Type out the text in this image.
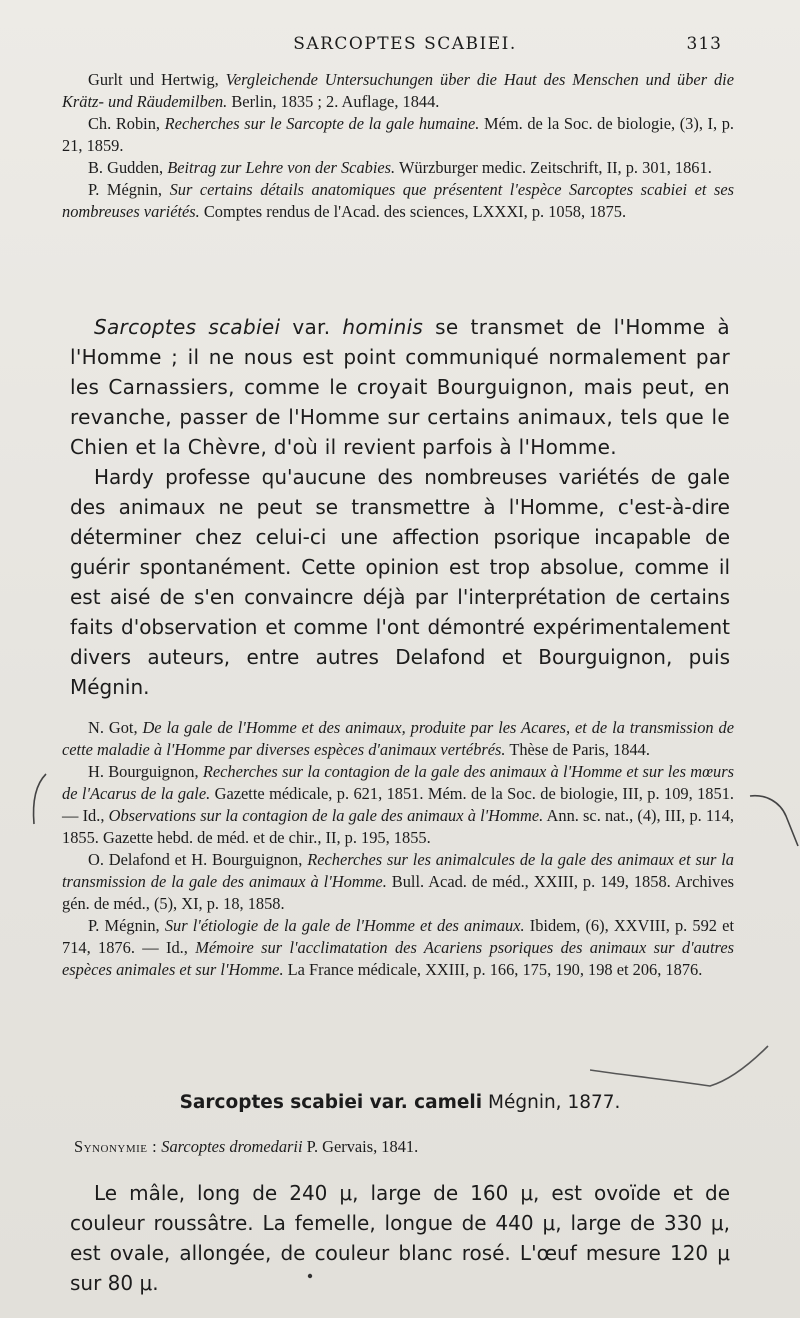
SARCOPTES SCABIEI.	313

Gurlt und Hertwig, Vergleichende Untersuchungen über die Haut des Menschen und über die Krätz- und Räudemilben. Berlin, 1835 ; 2. Auflage, 1844.

Ch. Robin, Recherches sur le Sarcopte de la gale humaine. Mém. de la Soc. de biologie, (3), I, p. 21, 1859.

B. Gudden, Beitrag zur Lehre von der Scabies. Würzburger medic. Zeitschrift, II, p. 301, 1861.

P. Mégnin, Sur certains détails anatomiques que présentent l'espèce Sarcoptes scabiei et ses nombreuses variétés. Comptes rendus de l'Acad. des sciences, LXXXI, p. 1058, 1875.

Sarcoptes scabiei var. hominis se transmet de l'Homme à l'Homme ; il ne nous est point communiqué normalement par les Carnassiers, comme le croyait Bourguignon, mais peut, en revanche, passer de l'Homme sur certains animaux, tels que le Chien et la Chèvre, d'où il revient parfois à l'Homme.

Hardy professe qu'aucune des nombreuses variétés de gale des animaux ne peut se transmettre à l'Homme, c'est-à-dire déterminer chez celui-ci une affection psorique incapable de guérir spontanément. Cette opinion est trop absolue, comme il est aisé de s'en convaincre déjà par l'interprétation de certains faits d'observation et comme l'ont démontré expérimentalement divers auteurs, entre autres Delafond et Bourguignon, puis Mégnin.

N. Got, De la gale de l'Homme et des animaux, produite par les Acares, et de la transmission de cette maladie à l'Homme par diverses espèces d'animaux vertébrés. Thèse de Paris, 1844.

H. Bourguignon, Recherches sur la contagion de la gale des animaux à l'Homme et sur les mœurs de l'Acarus de la gale. Gazette médicale, p. 621, 1851. Mém. de la Soc. de biologie, III, p. 109, 1851. — Id., Observations sur la contagion de la gale des animaux à l'Homme. Ann. sc. nat., (4), III, p. 114, 1855. Gazette hebd. de méd. et de chir., II, p. 195, 1855.

O. Delafond et H. Bourguignon, Recherches sur les animalcules de la gale des animaux et sur la transmission de la gale des animaux à l'Homme. Bull. Acad. de méd., XXIII, p. 149, 1858. Archives gén. de méd., (5), XI, p. 18, 1858.

P. Mégnin, Sur l'étiologie de la gale de l'Homme et des animaux. Ibidem, (6), XXVIII, p. 592 et 714, 1876. — Id., Mémoire sur l'acclimatation des Acariens psoriques des animaux sur d'autres espèces animales et sur l'Homme. La France médicale, XXIII, p. 166, 175, 190, 198 et 206, 1876.

Sarcoptes scabiei var. cameli Mégnin, 1877.

Synonymie : Sarcoptes dromedarii P. Gervais, 1841.

Le mâle, long de 240 μ, large de 160 μ, est ovoïde et de couleur roussâtre. La femelle, longue de 440 μ, large de 330 μ, est ovale, allongée, de couleur blanc rosé. L'œuf mesure 120 μ sur 80 μ.
